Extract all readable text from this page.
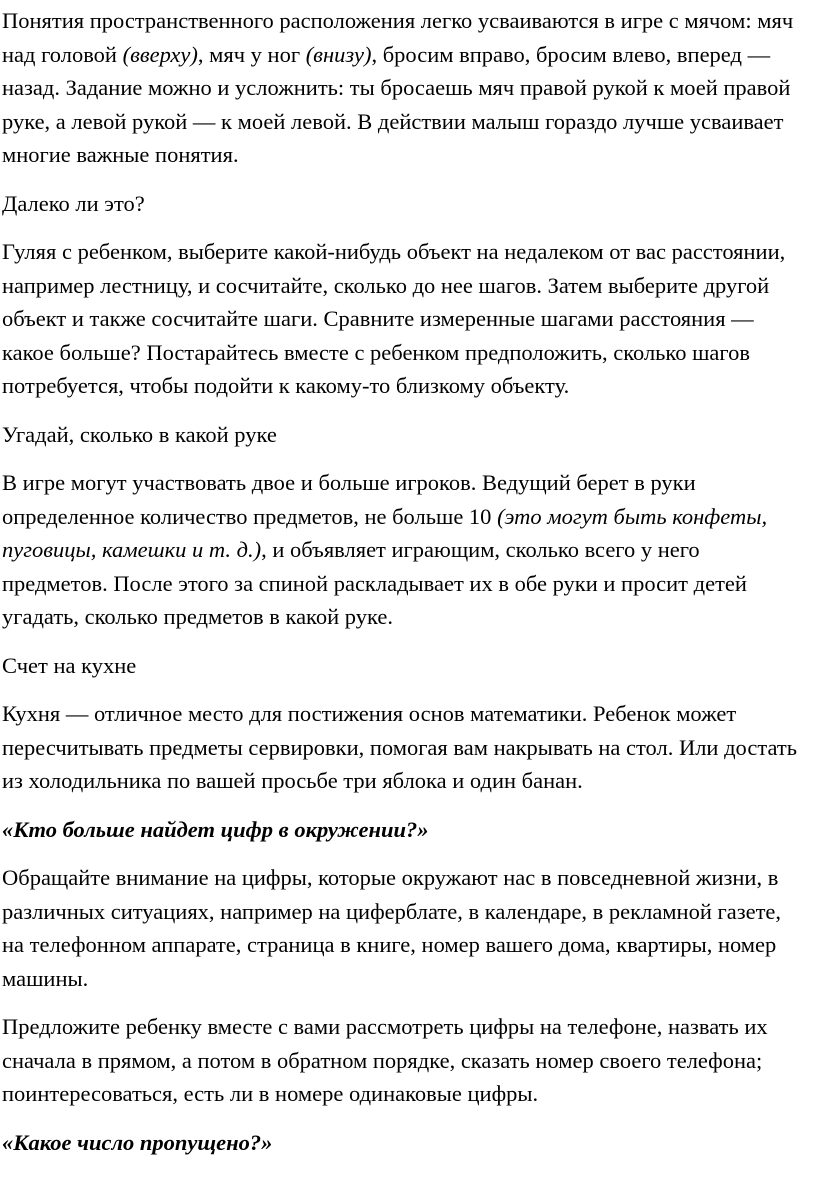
Понятия пространственного расположения легко усваиваются в игре с мячом: мяч над головой (вверху), мяч у ног (внизу), бросим вправо, бросим влево, вперед — назад. Задание можно и усложнить: ты бросаешь мяч правой рукой к моей правой руке, а левой рукой — к моей левой. В действии малыш гораздо лучше усваивает многие важные понятия.

Далеко ли это?

Гуляя с ребенком, выберите какой-нибудь объект на недалеком от вас расстоянии, например лестницу, и сосчитайте, сколько до нее шагов. Затем выберите другой объект и также сосчитайте шаги. Сравните измеренные шагами расстояния — какое больше? Постарайтесь вместе с ребенком предположить, сколько шагов потребуется, чтобы подойти к какому-то близкому объекту.

Угадай, сколько в какой руке

В игре могут участвовать двое и больше игроков. Ведущий берет в руки определенное количество предметов, не больше 10 (это могут быть конфеты, пуговицы, камешки и т. д.), и объявляет играющим, сколько всего у него предметов. После этого за спиной раскладывает их в обе руки и просит детей угадать, сколько предметов в какой руке.

Счет на кухне

Кухня — отличное место для постижения основ математики. Ребенок может пересчитывать предметы сервировки, помогая вам накрывать на стол. Или достать из холодильника по вашей просьбе три яблока и один банан.

«Кто больше найдет цифр в окружении?»

Обращайте внимание на цифры, которые окружают нас в повседневной жизни, в различных ситуациях, например на циферблате, в календаре, в рекламной газете, на телефонном аппарате, страница в книге, номер вашего дома, квартиры, номер машины.

Предложите ребенку вместе с вами рассмотреть цифры на телефоне, назвать их сначала в прямом, а потом в обратном порядке, сказать номер своего телефона; поинтересоваться, есть ли в номере одинаковые цифры.

«Какое число пропущено?»
